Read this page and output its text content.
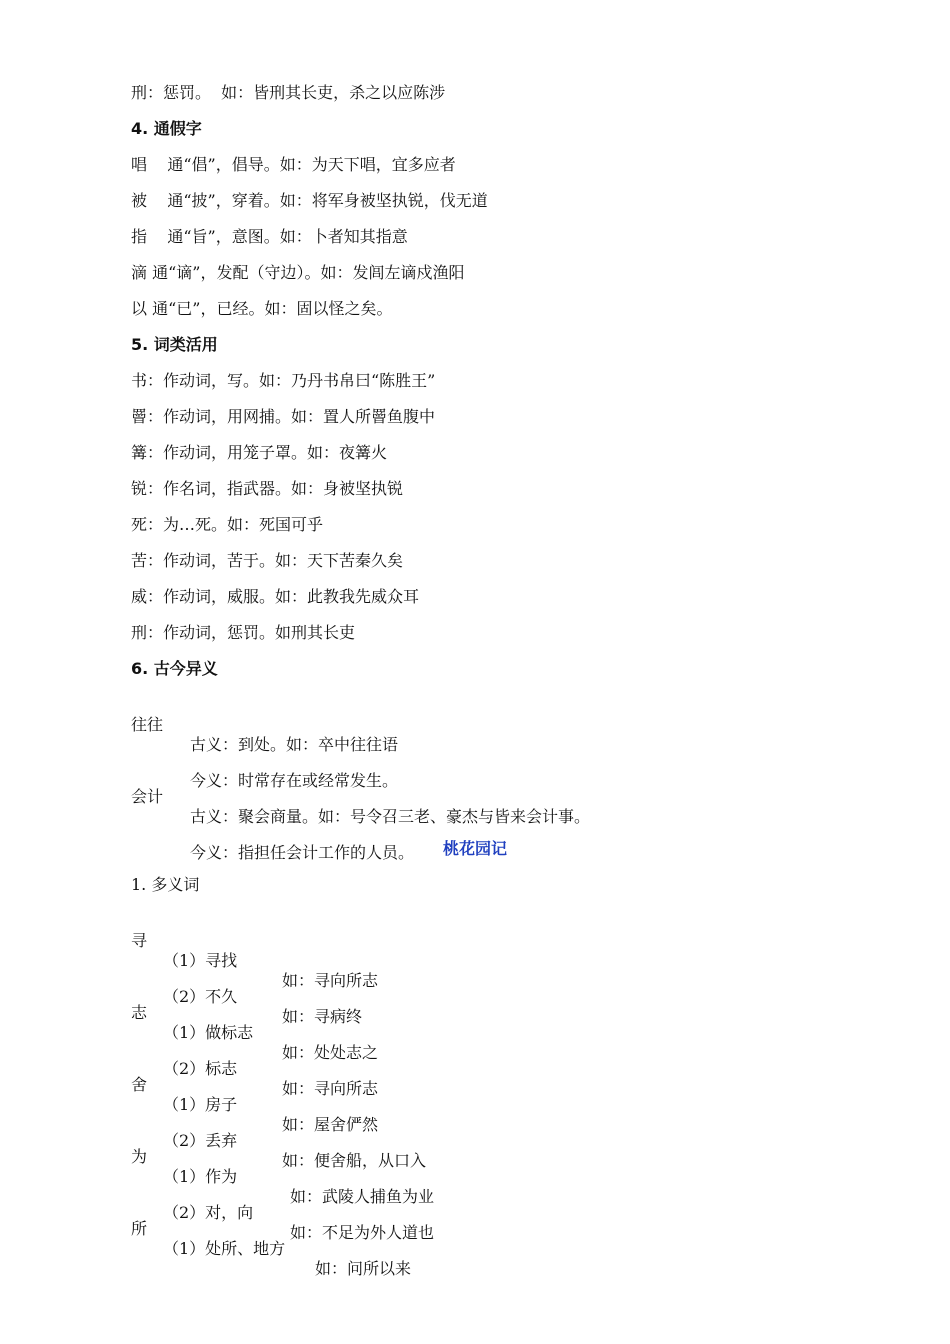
刑：惩罚。  如：皆刑其长吏，杀之以应陈涉
4. 通假字
唱    通“倡”，倡导。如：为天下唱，宜多应者
被    通“披”，穿着。如：将军身被坚执锐，伐无道
指    通“旨”，意图。如：卜者知其指意
滴 通“谪”，发配（守边）。如：发闾左谪戍渔阳
以 通“已”，已经。如：固以怪之矣。
5. 词类活用
书：作动词，写。如：乃丹书帛曰“陈胜王”
罾：作动词，用网捕。如：置人所罾鱼腹中
篝：作动词，用笼子罩。如：夜篝火
锐：作名词，指武器。如：身被坚执锐
死：为…死。如：死国可乎
苦：作动词，苦于。如：天下苦秦久矣
威：作动词，威服。如：此教我先威众耳
刑：作动词，惩罚。如刑其长吏
6. 古今异义

往往

古义：到处。如：卒中往往语

今义：时常存在或经常发生。

会计

古义：聚会商量。如：号令召三老、豪杰与皆来会计事。

今义：指担任会计工作的人员。

	桃花园记
1. 多义词

寻

（1）寻找

如：寻向所志

（2）不久

如：寻病终

志

（1）做标志

如：处处志之

（2）标志

如：寻向所志

舍

（1）房子

如：屋舍俨然

（2）丢弃

如：便舍船，从口入

为

（1）作为

如：武陵人捕鱼为业

（2）对，向

如：不足为外人道也

所

（1）处所、地方

如：问所以来
